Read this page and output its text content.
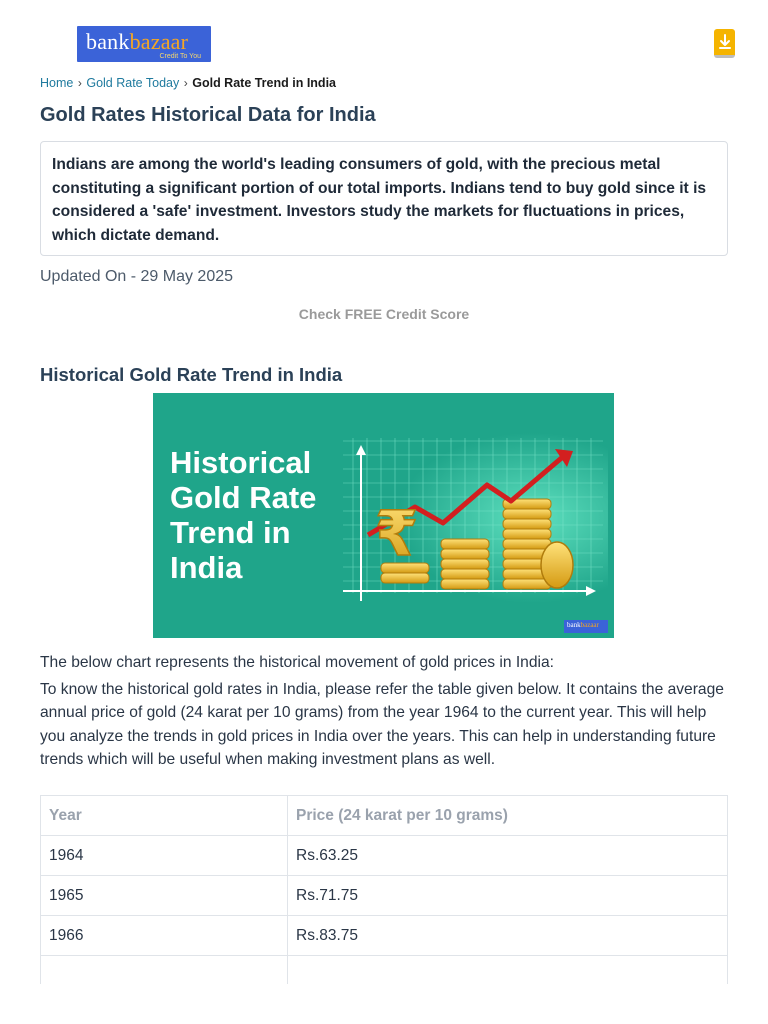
bankbazaar
Credit To You
Home › Gold Rate Today › Gold Rate Trend in India
Gold Rates Historical Data for India

Indians are among the world's leading consumers of gold, with the precious metal constituting a significant portion of our total imports. Indians tend to buy gold since it is considered a 'safe' investment. Investors study the markets for fluctuations in prices, which dictate demand.

Updated On - 29 May 2025
Check FREE Credit Score
Historical Gold Rate Trend in India
₹
Historical
Gold Rate
Trend in
India
bankbazaar

The below chart represents the historical movement of gold prices in India:

To know the historical gold rates in India, please refer the table given below. It contains the average annual price of gold (24 karat per 10 grams) from the year 1964 to the current year. This will help you analyze the trends in gold prices in India over the years. This can help in understanding future trends which will be useful when making investment plans as well.

Year	Price (24 karat per 10 grams)
1964	Rs.63.25
1965	Rs.71.75
1966	Rs.83.75
